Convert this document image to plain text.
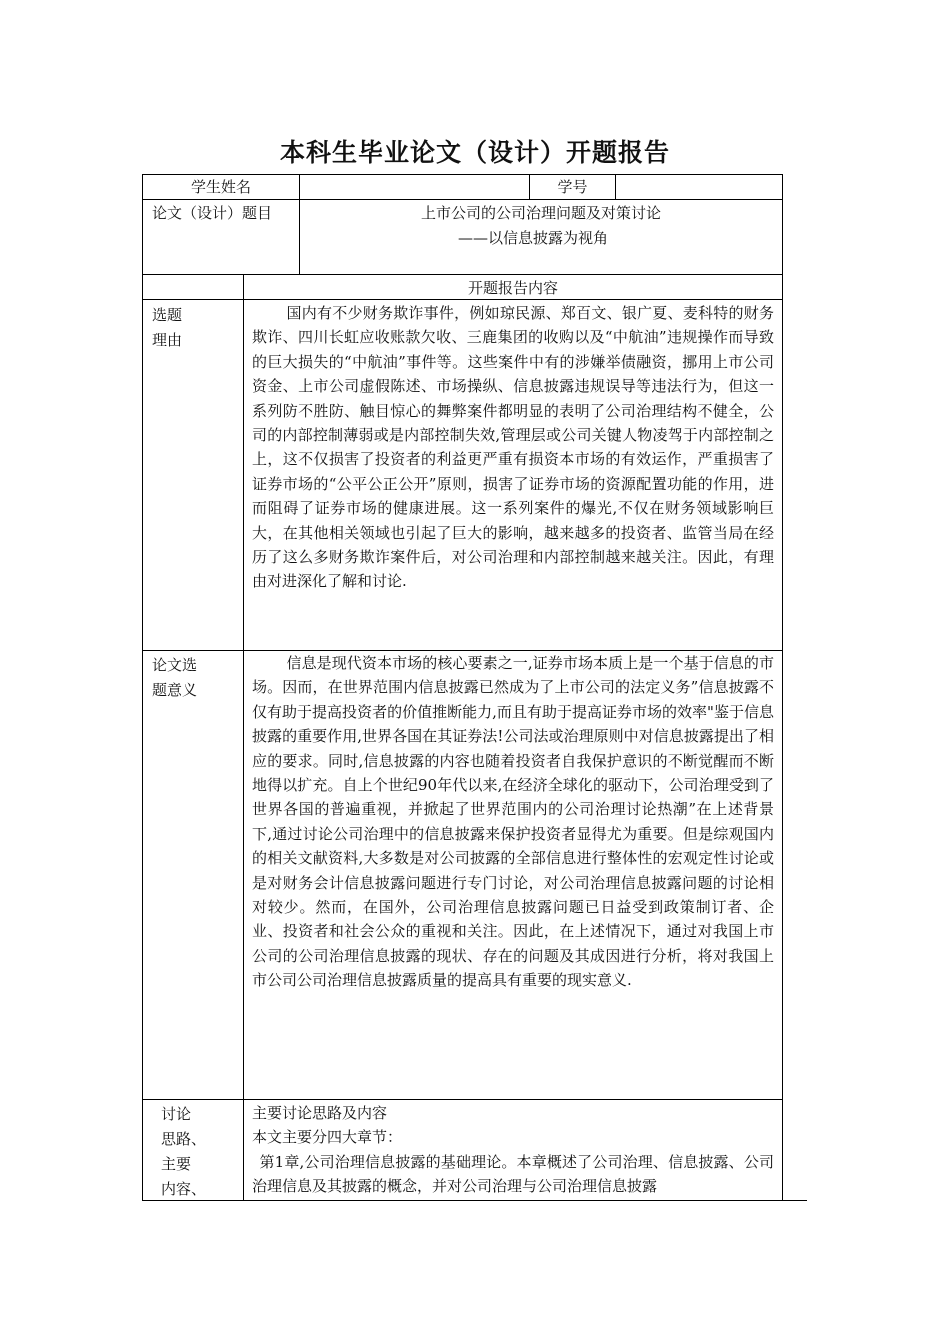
本科生毕业论文（设计）开题报告
学生姓名	学号
论文（设计）题目	上市公司的公司治理问题及对策讨论
——以信息披露为视角
开题报告内容
选题
理由

国内有不少财务欺诈事件，例如琼民源、郑百文、银广夏、麦科特的财务欺诈、四川长虹应收账款欠收、三鹿集团的收购以及“中航油”违规操作而导致的巨大损失的“中航油”事件等。这些案件中有的涉嫌举债融资，挪用上市公司资金、上市公司虚假陈述、市场操纵、信息披露违规误导等违法行为，但这一系列防不胜防、触目惊心的舞弊案件都明显的表明了公司治理结构不健全，公司的内部控制薄弱或是内部控制失效,管理层或公司关键人物凌驾于内部控制之上，这不仅损害了投资者的利益更严重有损资本市场的有效运作，严重损害了证券市场的“公平公正公开”原则，损害了证券市场的资源配置功能的作用，进而阻碍了证券市场的健康进展。这一系列案件的爆光,不仅在财务领域影响巨大，在其他相关领域也引起了巨大的影响，越来越多的投资者、监管当局在经历了这么多财务欺诈案件后，对公司治理和内部控制越来越关注。因此，有理由对进深化了解和讨论.

论文选
题意义

信息是现代资本市场的核心要素之一,证券市场本质上是一个基于信息的市场。因而，在世界范围内信息披露已然成为了上市公司的法定义务”信息披露不仅有助于提高投资者的价值推断能力,而且有助于提高证券市场的效率"鉴于信息披露的重要作用,世界各国在其证券法!公司法或治理原则中对信息披露提出了相应的要求。同时,信息披露的内容也随着投资者自我保护意识的不断觉醒而不断地得以扩充。自上个世纪90年代以来,在经济全球化的驱动下，公司治理受到了世界各国的普遍重视，并掀起了世界范围内的公司治理讨论热潮”在上述背景下,通过讨论公司治理中的信息披露来保护投资者显得尤为重要。但是综观国内的相关文献资料,大多数是对公司披露的全部信息进行整体性的宏观定性讨论或是对财务会计信息披露问题进行专门讨论，对公司治理信息披露问题的讨论相对较少。然而，在国外，公司治理信息披露问题已日益受到政策制订者、企业、投资者和社会公众的重视和关注。因此，在上述情况下，通过对我国上市公司的公司治理信息披露的现状、存在的问题及其成因进行分析，将对我国上市公司公司治理信息披露质量的提高具有重要的现实意义.

讨论
思路、
主要
内容、

主要讨论思路及内容

本文主要分四大章节：

第1章,公司治理信息披露的基础理论。本章概述了公司治理、信息披露、公司治理信息及其披露的概念，并对公司治理与公司治理信息披露
